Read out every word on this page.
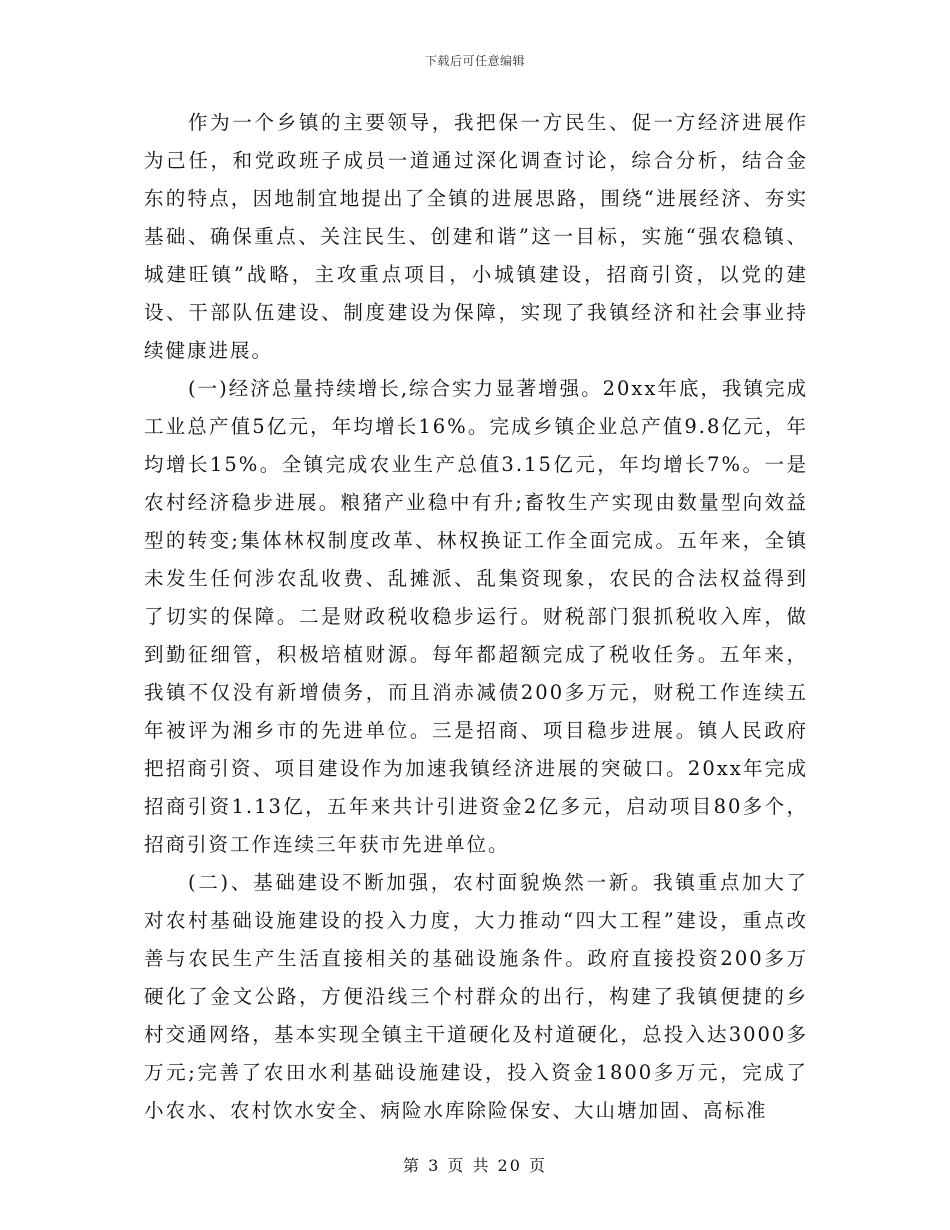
下载后可任意编辑

作为一个乡镇的主要领导，我把保一方民生、促一方经济进展作为己任，和党政班子成员一道通过深化调查讨论，综合分析，结合金东的特点，因地制宜地提出了全镇的进展思路，围绕“进展经济、夯实基础、确保重点、关注民生、创建和谐”这一目标，实施“强农稳镇、城建旺镇”战略，主攻重点项目，小城镇建设，招商引资，以党的建设、干部队伍建设、制度建设为保障，实现了我镇经济和社会事业持续健康进展。

(一)经济总量持续增长,综合实力显著增强。20xx年底，我镇完成工业总产值5亿元，年均增长16%。完成乡镇企业总产值9.8亿元，年均增长15%。全镇完成农业生产总值3.15亿元，年均增长7%。一是农村经济稳步进展。粮猪产业稳中有升;畜牧生产实现由数量型向效益型的转变;集体林权制度改革、林权换证工作全面完成。五年来，全镇未发生任何涉农乱收费、乱摊派、乱集资现象，农民的合法权益得到了切实的保障。二是财政税收稳步运行。财税部门狠抓税收入库，做到勤征细管，积极培植财源。每年都超额完成了税收任务。五年来，我镇不仅没有新增债务，而且消赤减债200多万元，财税工作连续五年被评为湘乡市的先进单位。三是招商、项目稳步进展。镇人民政府把招商引资、项目建设作为加速我镇经济进展的突破口。20xx年完成招商引资1.13亿，五年来共计引进资金2亿多元，启动项目80多个，招商引资工作连续三年获市先进单位。

(二)、基础建设不断加强，农村面貌焕然一新。我镇重点加大了对农村基础设施建设的投入力度，大力推动“四大工程”建设，重点改善与农民生产生活直接相关的基础设施条件。政府直接投资200多万硬化了金文公路，方便沿线三个村群众的出行，构建了我镇便捷的乡村交通网络，基本实现全镇主干道硬化及村道硬化，总投入达3000多万元;完善了农田水利基础设施建设，投入资金1800多万元，完成了小农水、农村饮水安全、病险水库除险保安、大山塘加固、高标准

第 3 页 共 20 页
